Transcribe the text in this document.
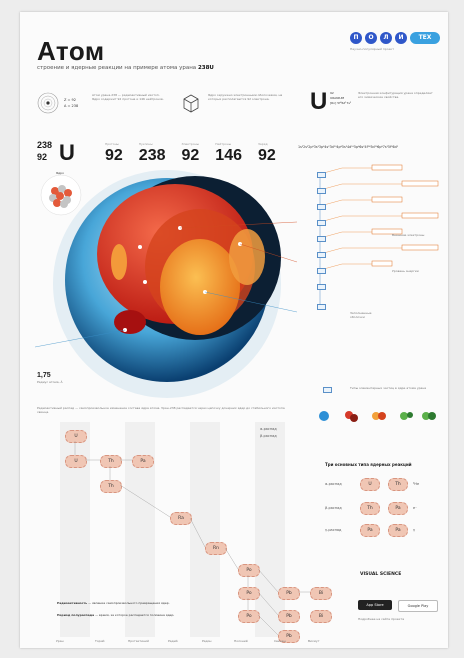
П	О	Л	И	ТЕХ
Научно-популярный проект
Атом
строение и ядерные реакции на примере атома урана 238U
Z = 92
A = 238
Атом урана-238 — радиоактивный изотоп. Ядро содержит 92 протона и 146 нейтронов.
Ядро окружено электронными оболочками, на которых располагаются 92 электрона.	U 92
URANIUM
[Rn] 5f³6d¹7s²
Электронная конфигурация урана определяет его химические свойства.
238
92 U	Протоны
92
Нуклоны
238
Электроны
92
Нейтроны
146
Заряд
92	1s²2s²2p⁶3s²3p⁶4s²3d¹⁰4p⁶5s²4d¹⁰5p⁶6s²4f¹⁴5d¹⁰6p⁶7s²5f³6d¹
Ядро
1,75
Радиус атома, Å
Внешние электроны
Уровень энергии
Заполненные оболочки
Типы элементарных частиц в ядре атома урана
Радиоактивный распад — самопроизвольное изменение состава ядра атома. Уран-238 распадается через цепочку дочерних ядер до стабильного изотопа свинца.
U
U	Th	Pa
Th
Ra
Rn
Po
Pb	Bi
Po
Pb	Bi
Po
Pb
α-распад
β-распад
Три основных типа ядерных реакций
α-распад	U	Th	⁴He
β-распад	Th	Pa	e⁻
γ-распад	Pa	Pa	γ
Радиоактивность — явление самопроизвольного превращения ядер.
Период полураспада — время, за которое распадается половина ядер.
VISUAL SCIENCE
App Store	Google Play
Подробнее на сайте проекта
Уран	Торий	Протактиний	Радий	Радон	Полоний	Свинец	Висмут
